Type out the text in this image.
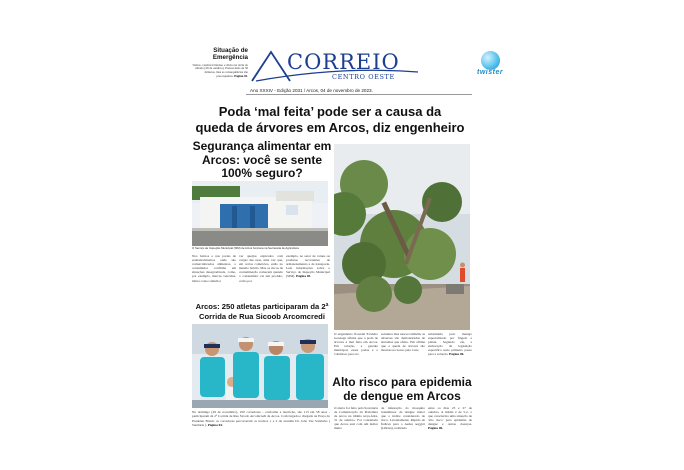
Situação de
Emergência
Ventos, vendaval intenso e chuva na tarde do sábado (29 de outubro). Passou mais de 30 minutos, mas as consequências são preocupantes. Página 03.
CORREIO
CENTRO OESTE
twister
Ano XXXIV - Edição 2031 / Arcos, 04 de novembro de 2023.
Poda ‘mal feita’ pode ser a causa da
queda de árvores em Arcos, diz engenheiro
Segurança alimentar em Arcos: você se sente 100% seguro?
O Serviço de Inspeção Municipal (SIM) de Arcos funciona na Secretaria de Agricultura

Nos bairros e nas portas de estabelecimentos onde são comercializados alimentos, o consumidor confirma em situações desagradáveis, como, por exemplo, marcas vencidas. Outra coisa comum é

ver queijos expirados com cargas das ruas, uma vez que, em certos comércios, estão no mesmo balcão. Mas os riscos de contaminação começam quando o consumidor vai um produto, como por

exemplo, no setor de carnes ou produtos recorrentes de armazenamento e de transporte. Leia informações sobre o Serviço de Inspeção Municipal (SIM). Página 05.

Arcos: 250 atletas participaram da 2ª Corrida de Rua Sicoob Arcomcredi

No domingo (29 de novembro), 250 corredores - conforme a inscrição, são 113 em 58 anos - participaram da 2ª Corrida de Rua Sicoob Arcomcredi de Arcos. Com largada e chegada na Praça do Prudente Brasil, os corredores percorreram os trechos 1 e 2 da avenida Dr. João Vaz Sobrinho ( Santiária ). Página 04.

O engenheiro florestal Evandro Gonzaga afirma que a poda de árvores é mal feita em Arcos. Em relação, a gerente municipal, essas podas e o volumoso peso na

estrutura mas nascer também, as adversas são demonstradas de sintomas que efeito. Em afirma que a queda de árvores são mostras no nosso país. Lute

substituída pelo manejo especializado por frágeis a planta. Segundo ele, a elaboração de legislação específica seria primeiro passo para a solução. Página 06.

Alto risco para epidemia de dengue em Arcos

O alerta foi feito pela Secretaria de Comunicação da Prefeitura de Arcos na última terça-feira, 31 de outubro. Foi constatado que Arcos está com um índice muito

de infestação do mosquito transmissor da dengue maior que o índice considerado de risco. Levantamento Rápido de Índices para o Aedes aegypti (LIRAa), realizado

entre os dias 23 e 27 de outubro. A média é de 5,2, o que caracteriza uma situação de 'alto risco' para epidemia de dengue e outras doenças. Página 06.
